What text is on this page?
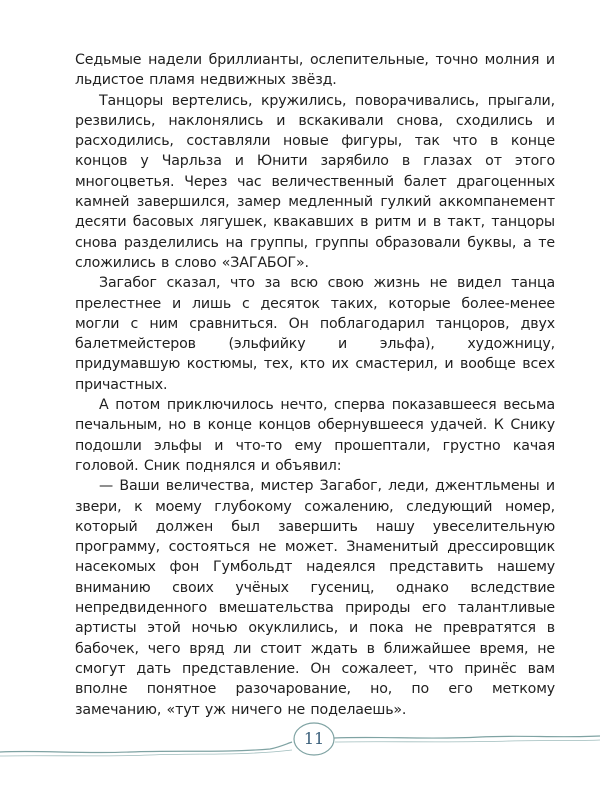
Седьмые надели бриллианты, ослепительные, точно молния и льдистое пламя недвижных звёзд.

Танцоры вертелись, кружились, поворачивались, прыгали, резвились, наклонялись и вскакивали снова, сходились и расходились, составляли новые фигуры, так что в конце концов у Чарльза и Юнити зарябило в глазах от этого многоцветья. Через час величественный балет драгоценных камней завершился, замер медленный гулкий аккомпанемент десяти басовых лягушек, квакавших в ритм и в такт, танцоры снова разделились на группы, группы образовали буквы, а те сложились в слово «ЗАГАБОГ».

Загабог сказал, что за всю свою жизнь не видел танца прелестнее и лишь с десяток таких, которые более-менее могли с ним сравниться. Он поблагодарил танцоров, двух балетмейстеров (эльфийку и эльфа), художницу, придумавшую костюмы, тех, кто их смастерил, и вообще всех причастных.

А потом приключилось нечто, сперва показавшееся весьма печальным, но в конце концов обернувшееся удачей. К Снику подошли эльфы и что-то ему прошептали, грустно качая головой. Сник поднялся и объявил:

— Ваши величества, мистер Загабог, леди, джентльмены и звери, к моему глубокому сожалению, следующий номер, который должен был завершить нашу увеселительную программу, состояться не может. Знаменитый дрессировщик насекомых фон Гумбольдт надеялся представить нашему вниманию своих учёных гусениц, однако вследствие непредвиденного вмешательства природы его талантливые артисты этой ночью окуклились, и пока не превратятся в бабочек, чего вряд ли стоит ждать в ближайшее время, не смогут дать представление. Он сожалеет, что принёс вам вполне понятное разочарование, но, по его меткому замечанию, «тут уж ничего не поделаешь».

11
